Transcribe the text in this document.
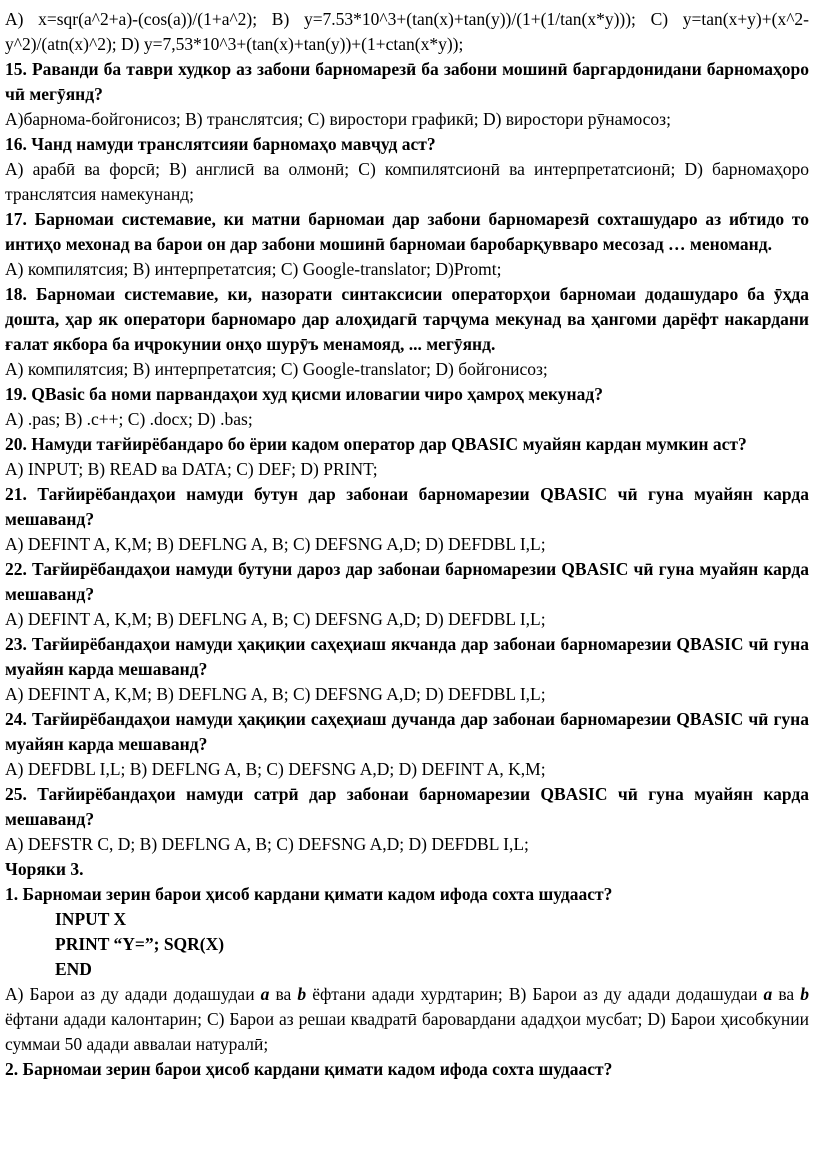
A) x=sqr(a^2+a)-(cos(a))/(1+a^2); B) y=7.53*10^3+(tan(x)+tan(y))/(1+(1/tan(x*y))); C) y=tan(x+y)+(x^2-y^2)/(atn(x)^2); D) y=7,53*10^3+(tan(x)+tan(y))+(1+ctan(x*y));

15. Раванди ба таври худкор аз забони барномарезӣ ба забони мошинӣ баргардонидани барномаҳоро чӣ мегӯянд?

А)барнома-бойгонисоз; B) транслятсия; C) виростори графикӣ; D) виростори рӯнамосоз;

16. Чанд намуди транслятсияи барномаҳо мавҷуд аст?

А) арабӣ ва форсӣ; B) англисӣ ва олмонӣ; C) компилятсионӣ ва интерпретатсионӣ; D) барномаҳоро транслятсия намекунанд;

17. Барномаи системавие, ки матни барномаи дар забони барномарезӣ сохташударо аз ибтидо то интиҳо мехонад ва барои он дар забони мошинӣ барномаи баробарқувваро месозад … меноманд.

А) компилятсия; B) интерпретатсия; C) Google-translator; D)Promt;

18. Барномаи системавие, ки, назорати синтаксисии операторҳои барномаи додашударо ба ӯҳда дошта, ҳар як оператори барномаро дар алоҳидагӣ тарҷума мекунад ва ҳангоми дарёфт накардани ғалат якбора ба иҷрокунии онҳо шурӯъ менамояд, ... мегӯянд.

А) компилятсия; B) интерпретатсия; C) Google-translator; D) бойгонисоз;

19. QBasic ба номи парвандаҳои худ қисми иловагии чиро ҳамроҳ мекунад?

А) .pas; B) .c++; C) .docx; D) .bas;

20. Намуди тағйирёбандаро бо ёрии кадом оператор дар QBASIC муайян кардан мумкин аст?

A) INPUT; B) READ ва DATA; C) DEF; D) PRINT;

21. Тағйирёбандаҳои намуди бутун дар забонаи барномарезии QBASIC чӣ гуна муайян карда мешаванд?

A) DEFINT A, K,M; B) DEFLNG A, B; C) DEFSNG A,D; D) DEFDBL I,L;

22. Тағйирёбандаҳои намуди бутуни дароз дар забонаи барномарезии QBASIC чӣ гуна муайян карда мешаванд?

A) DEFINT A, K,M; B) DEFLNG A, B; C) DEFSNG A,D; D) DEFDBL I,L;

23. Тағйирёбандаҳои намуди ҳақиқии саҳеҳиаш якчанда дар забонаи барномарезии QBASIC чӣ гуна муайян карда мешаванд?

A) DEFINT A, K,M; B) DEFLNG A, B; C) DEFSNG A,D; D) DEFDBL I,L;

24. Тағйирёбандаҳои намуди ҳақиқии саҳеҳиаш дучанда дар забонаи барномарезии QBASIC чӣ гуна муайян карда мешаванд?

A) DEFDBL I,L; B) DEFLNG A, B; C) DEFSNG A,D; D) DEFINT A, K,M;

25. Тағйирёбандаҳои намуди сатрӣ дар забонаи барномарезии QBASIC чӣ гуна муайян карда мешаванд?

A) DEFSTR C, D; B) DEFLNG A, B; C) DEFSNG A,D; D) DEFDBL I,L;

Чоряки 3.

1. Барномаи зерин барои ҳисоб кардани қимати кадом ифода сохта шудааст?

INPUT X

PRINT “Y=”; SQR(X)

END

А) Барои аз ду адади додашудаи a ва b ёфтани адади хурдтарин; B) Барои аз ду адади додашудаи a ва b ёфтани адади калонтарин; C) Барои аз решаи квадратӣ баровардани ададҳои мусбат; D) Барои ҳисобкунии суммаи 50 адади аввалаи натуралӣ;

2. Барномаи зерин барои ҳисоб кардани қимати кадом ифода сохта шудааст?
